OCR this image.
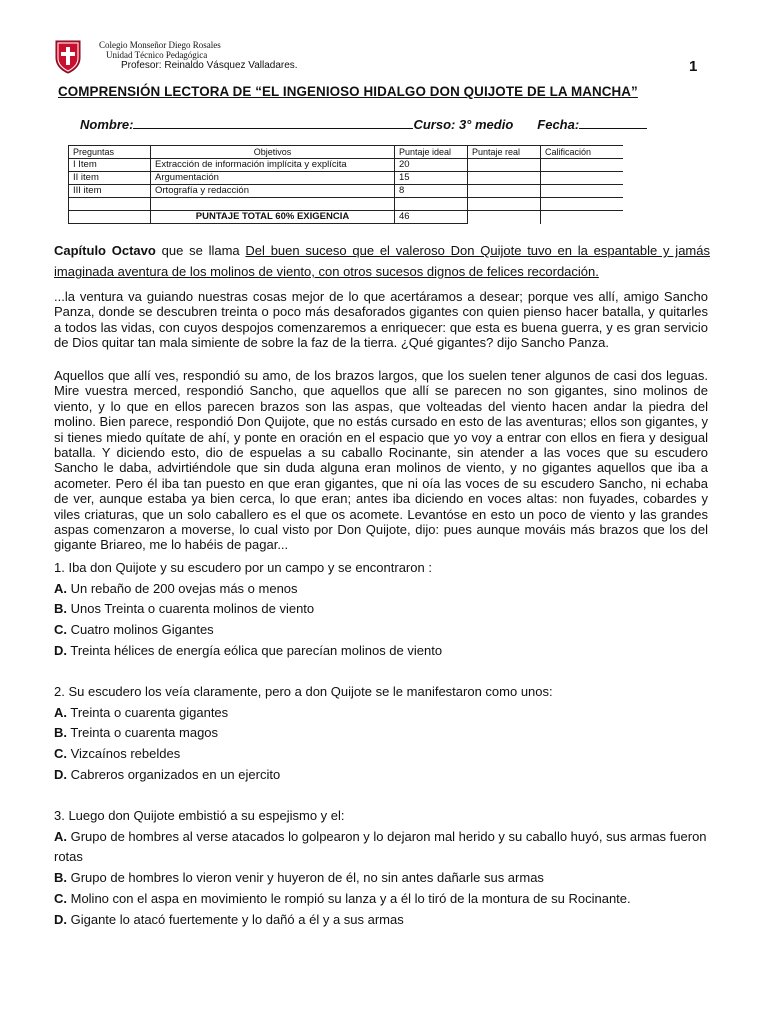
Colegio Monseñor Diego Rosales
Unidad Técnico Pedagógica
Profesor: Reinaldo Vásquez Valladares.	1
COMPRENSIÓN LECTORA DE “EL INGENIOSO HIDALGO DON QUIJOTE DE LA MANCHA”
Nombre:	Curso: 3° medio Fecha:
Preguntas	Objetivos	Puntaje ideal	Puntaje real	Calificación
I Item	Extracción de información implícita y explícita	20		
II item	Argumentación	15		
III item	Ortografía y redacción	8		

	PUNTAJE TOTAL 60% EXIGENCIA	46		
Capítulo Octavo que se llama Del buen suceso que el valeroso Don Quijote tuvo en la espantable y jamás imaginada aventura de los molinos de viento, con otros sucesos dignos de felices recordación.
...la ventura va guiando nuestras cosas mejor de lo que acertáramos a desear; porque ves allí, amigo Sancho Panza, donde se descubren treinta o poco más desaforados gigantes con quien pienso hacer batalla, y quitarles a todos las vidas, con cuyos despojos comenzaremos a enriquecer: que esta es buena guerra, y es gran servicio de Dios quitar tan mala simiente de sobre la faz de la tierra. ¿Qué gigantes? dijo Sancho Panza.
Aquellos que allí ves, respondió su amo, de los brazos largos, que los suelen tener algunos de casi dos leguas. Mire vuestra merced, respondió Sancho, que aquellos que allí se parecen no son gigantes, sino molinos de viento, y lo que en ellos parecen brazos son las aspas, que volteadas del viento hacen andar la piedra del molino. Bien parece, respondió Don Quijote, que no estás cursado en esto de las aventuras; ellos son gigantes, y si tienes miedo quítate de ahí, y ponte en oración en el espacio que yo voy a entrar con ellos en fiera y desigual batalla. Y diciendo esto, dio de espuelas a su caballo Rocinante, sin atender a las voces que su escudero Sancho le daba, advirtiéndole que sin duda alguna eran molinos de viento, y no gigantes aquellos que iba a acometer. Pero él iba tan puesto en que eran gigantes, que ni oía las voces de su escudero Sancho, ni echaba de ver, aunque estaba ya bien cerca, lo que eran; antes iba diciendo en voces altas: non fuyades, cobardes y viles criaturas, que un solo caballero es el que os acomete. Levantóse en esto un poco de viento y las grandes aspas comenzaron a moverse, lo cual visto por Don Quijote, dijo: pues aunque mováis más brazos que los del gigante Briareo, me lo habéis de pagar...
1. Iba don Quijote y su escudero por un campo y se encontraron :
A. Un rebaño de 200 ovejas más o menos
B. Unos Treinta o cuarenta molinos de viento
C. Cuatro molinos Gigantes
D. Treinta hélices de energía eólica que parecían molinos de viento
2. Su escudero los veía claramente, pero a don Quijote se le manifestaron como unos:
A. Treinta o cuarenta gigantes
B. Treinta o cuarenta magos
C. Vizcaínos rebeldes
D. Cabreros organizados en un ejercito
3. Luego don Quijote embistió a su espejismo y el:
A. Grupo de hombres al verse atacados lo golpearon y lo dejaron mal herido y su caballo huyó, sus armas fueron rotas
B. Grupo de hombres lo vieron venir y huyeron de él, no sin antes dañarle sus armas
C. Molino con el aspa en movimiento le rompió su lanza y a él lo tiró de la montura de su Rocinante.
D. Gigante lo atacó fuertemente y lo dañó a él y a sus armas
